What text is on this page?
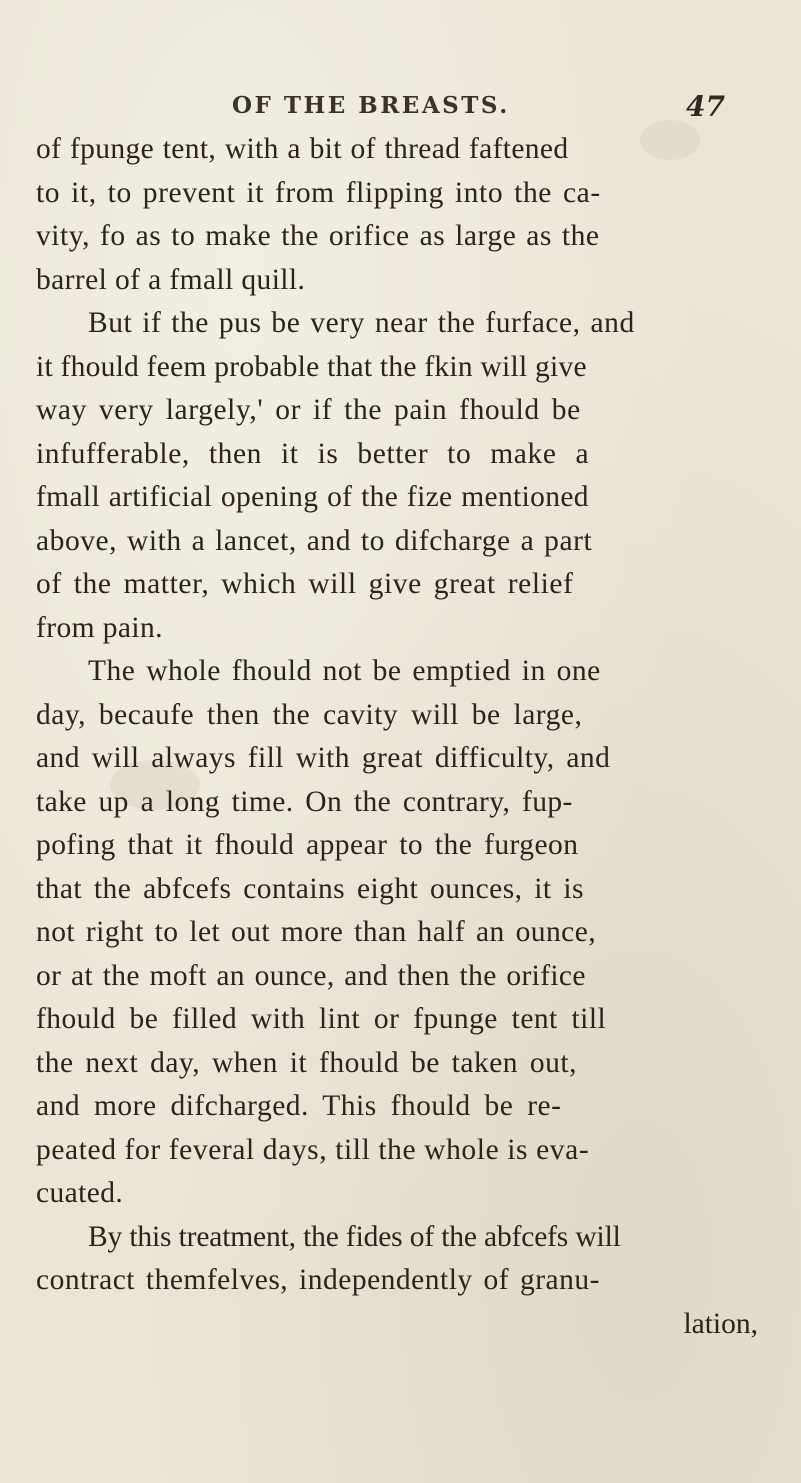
OF THE BREASTS.	47
of fpunge tent, with a bit of thread faftened
to it, to prevent it from flipping into the ca-
vity, fo as to make the orifice as large as the
barrel of a fmall quill.
But if the pus be very near the furface, and
it fhould feem probable that the fkin will give
way very largely,' or if the pain fhould be
infufferable, then it is better to make a
fmall artificial opening of the fize mentioned
above, with a lancet, and to difcharge a part
of the matter, which will give great relief
from pain.
The whole fhould not be emptied in one
day, becaufe then the cavity will be large,
and will always fill with great difficulty, and
take up a long time. On the contrary, fup-
pofing that it fhould appear to the furgeon
that the abfcefs contains eight ounces, it is
not right to let out more than half an ounce,
or at the moft an ounce, and then the orifice
fhould be filled with lint or fpunge tent till
the next day, when it fhould be taken out,
and more difcharged. This fhould be re-
peated for feveral days, till the whole is eva-
cuated.
By this treatment, the fides of the abfcefs will
contract themfelves, independently of granu-
lation,
